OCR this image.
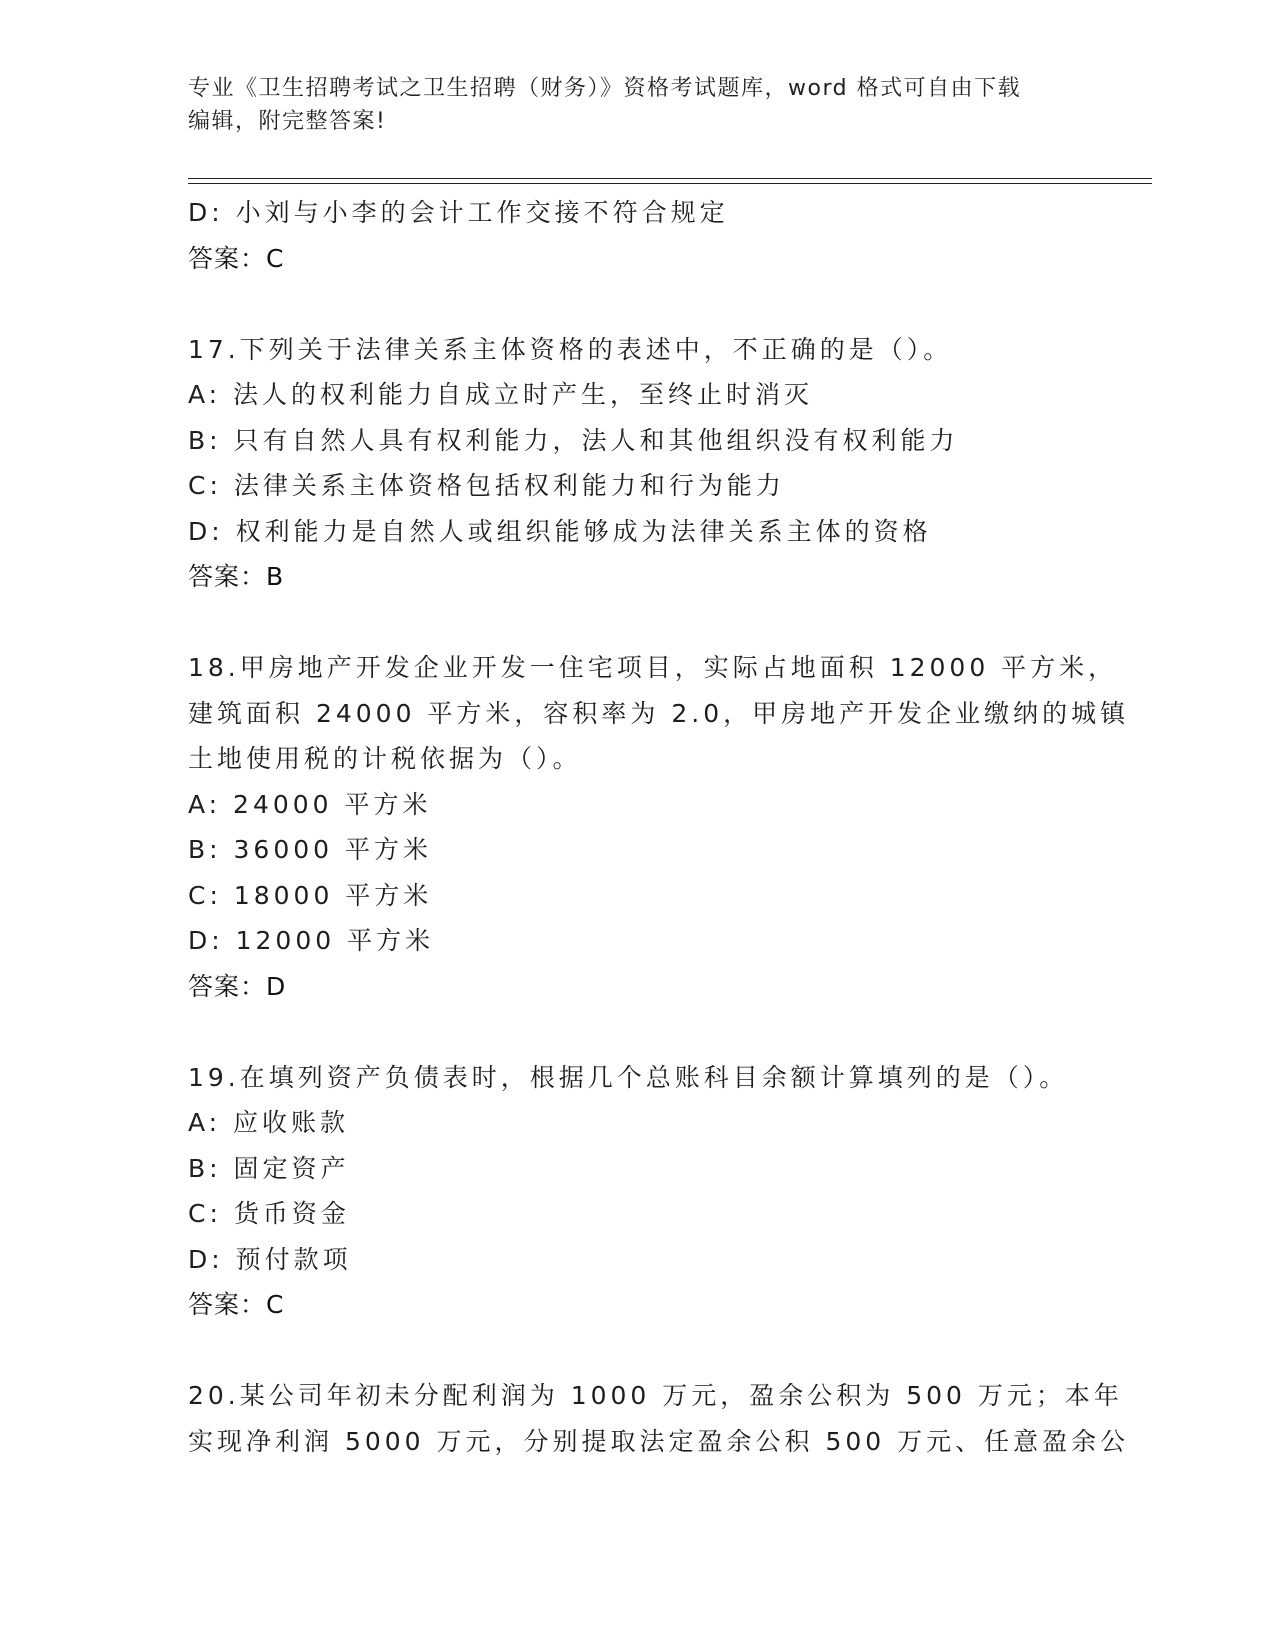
专业《卫生招聘考试之卫生招聘（财务）》资格考试题库，word 格式可自由下载
编辑，附完整答案!
D: 小刘与小李的会计工作交接不符合规定
答案：C
17.下列关于法律关系主体资格的表述中，不正确的是（）。
A: 法人的权利能力自成立时产生，至终止时消灭
B: 只有自然人具有权利能力，法人和其他组织没有权利能力
C: 法律关系主体资格包括权利能力和行为能力
D: 权利能力是自然人或组织能够成为法律关系主体的资格
答案：B
18.甲房地产开发企业开发一住宅项目，实际占地面积 12000 平方米，
建筑面积 24000 平方米，容积率为 2.0，甲房地产开发企业缴纳的城镇
土地使用税的计税依据为（）。
A: 24000 平方米
B: 36000 平方米
C: 18000 平方米
D: 12000 平方米
答案：D
19.在填列资产负债表时，根据几个总账科目余额计算填列的是（）。
A: 应收账款
B: 固定资产
C: 货币资金
D: 预付款项
答案：C
20.某公司年初未分配利润为 1000 万元，盈余公积为 500 万元；本年
实现净利润 5000 万元，分别提取法定盈余公积 500 万元、任意盈余公
